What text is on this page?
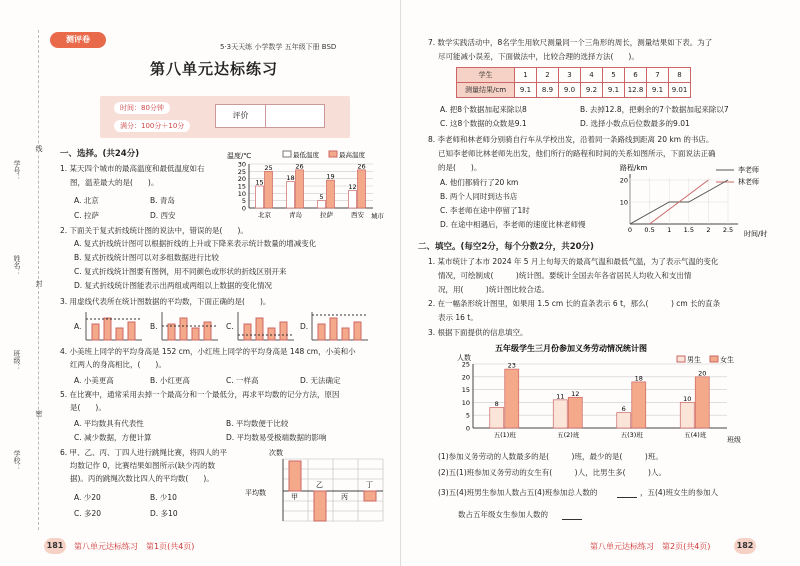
学号：
姓名：
班级：
学校：
线
封
密
测评卷
5·3天天练 小学数学 五年级下册 BSD
第八单元达标练习
时间：80分钟
满分：100分＋10分
评价
一、选择。(共24分)
1. 某天四个城市的最高温度和最低温度如右
图，温差最大的是(　　)。
A. 北京	B. 青岛
C. 拉萨	D. 西安
温度/℃	最低温度	最高温度
0
5
10
15
20
25
30
15
25
北京
18
26
青岛
5
19
拉萨
12
26
西安 城市
2. 下面关于复式折线统计图的说法中，错误的是(　　)。
A. 复式折线统计图可以根据折线的上升或下降来表示统计数量的增减变化
B. 复式折线统计图可以对多组数据进行比较
C. 复式折线统计图要有图例，用不同颜色或形状的折线区别开来
D. 复式折线统计图能表示出两组或两组以上数据的变化情况
3. 用虚线代表所在统计图数据的平均数，下面正确的是(　　)。
A.	B.	C.	D.
4. 小美班上同学的平均身高是 152 cm，小红班上同学的平均身高是 148 cm，小美和小
红两人的身高相比，(　　)。
A. 小美更高	B. 小红更高	C. 一样高	D. 无法确定
5. 在比赛中，通常采用去掉一个最高分和一个最低分，再求平均数的记分方法，原因
是(　　)。
A. 平均数具有代表性	B. 平均数便于比较
C. 减少数据，方便计算	D. 平均数易受极端数据的影响
6. 甲、乙、丙、丁四人进行跳绳比赛，将四人的平
均数记作 0，比赛结果如图所示(缺少丙的数
据)。丙的跳绳次数比四人的平均数(　　)。
A. 少20	B. 少10
C. 多20	D. 多10
次数
平均数	甲
乙
丙
丁
181	第八单元达标练习　第1页(共4页)
7. 数学实践活动中，8名学生用软尺测量同一个三角形的周长，测量结果如下表。为了
尽可能减小误差，下面做法中，比较合理的选择方法(　　)。
学生	1	2	3	4	5	6	7	8
测量结果/cm	9.1	8.9	9.0	9.2	9.1	12.8	9.1	9.01
A. 把8个数据加起来除以8	B. 去掉12.8，把剩余的7个数据加起来除以7
C. 这8个数据的众数是9.1	D. 选择小数点后位数最多的9.01
8. 李老师和林老师分别骑自行车从学校出发，沿着同一条路线到距离 20 km 的书店。
已知李老师比林老师先出发，他们所行的路程和时间的关系如图所示，下面说法正确
的是(　　)。
A. 他们都骑行了20 km
B. 两个人同时到达书店
C. 李老师在途中停留了1时
D. 在途中相遇后，李老师的速度比林老师慢
路程/km	李老师
林老师
0 0.5 1 1.5 2 2.5
10
20
时间/时
二、填空。(每空2分，每个分数2分，共20分)
1. 某市统计了本市 2024 年 5 月上旬每天的最高气温和最低气温，为了表示气温的变化
情况，可绘制成(　　　)统计图。要统计全国去年各省居民人均收入和支出情
况，用(　　　)统计图比较合适。
2. 在一幅条形统计图里，如果用 1.5 cm 长的直条表示 6 t，那么(　　　) cm 长的直条
表示 16 t。
3. 根据下面提供的信息填空。
五年级学生三月份参加义务劳动情况统计图
人数	男生	女生
0
5
10
15
20
25
8
23
五(1)班
11 12
五(2)班
6
18
五(3)班
10
20
五(4)班
班级
(1)参加义务劳动的人数最多的是(　　　)班，最少的是(　　　)班。
(2)五(1)班参加义务劳动的女生有(　　　)人，比男生多(　　　)人。
(3)五(4)班男生参加人数占五(4)班参加总人数的	，五(4)班女生的参加人
数占五年级女生参加人数的
第八单元达标练习　第2页(共4页)	182
